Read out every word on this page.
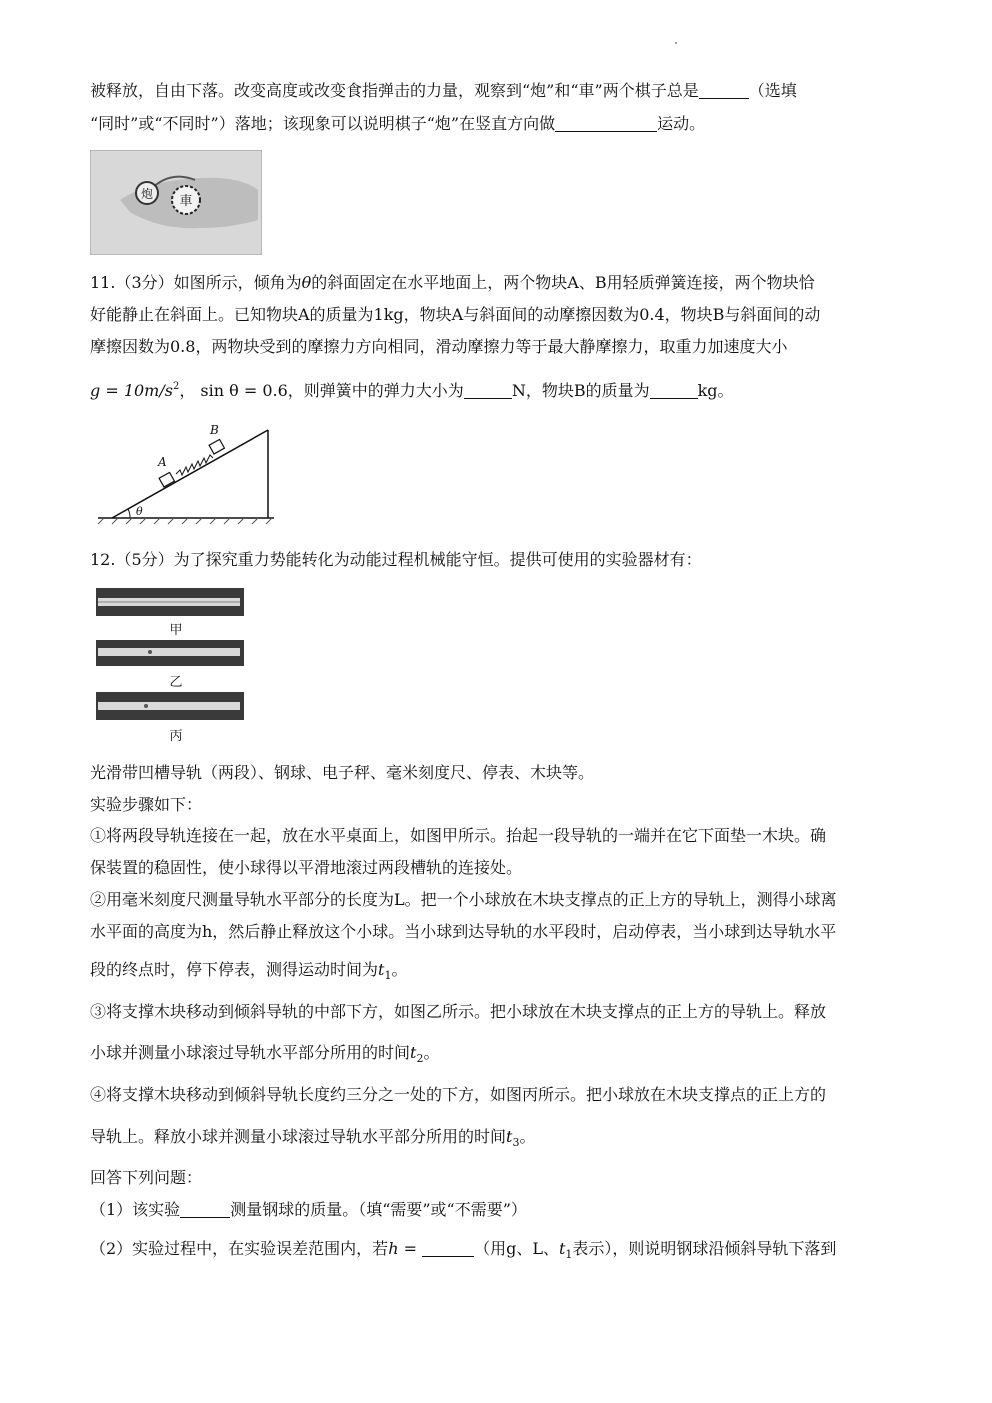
被释放，自由下落。改变高度或改变食指弹击的力量，观察到“炮”和“車”两个棋子总是	（选填
“同时”或“不同时”）落地；该现象可以说明棋子“炮”在竖直方向做	运动。
炮 車
11.（3分）如图所示，倾角为θ的斜面固定在水平地面上，两个物块A、B用轻质弹簧连接，两个物块恰
好能静止在斜面上。已知物块A的质量为1kg，物块A与斜面间的动摩擦因数为0.4，物块B与斜面间的动
摩擦因数为0.8，两物块受到的摩擦力方向相同，滑动摩擦力等于最大静摩擦力，取重力加速度大小
$g = 10m/s^2$， sin θ = 0.6，则弹簧中的弹力大小为	N，物块B的质量为	kg。
θ
A
B
12.（5分）为了探究重力势能转化为动能过程机械能守恒。提供可使用的实验器材有：
甲
乙
丙
光滑带凹槽导轨（两段）、钢球、电子秤、毫米刻度尺、停表、木块等。
实验步骤如下：
①将两段导轨连接在一起，放在水平桌面上，如图甲所示。抬起一段导轨的一端并在它下面垫一木块。确
保装置的稳固性，使小球得以平滑地滚过两段槽轨的连接处。
②用毫米刻度尺测量导轨水平部分的长度为L。把一个小球放在木块支撑点的正上方的导轨上，测得小球离
水平面的高度为h，然后静止释放这个小球。当小球到达导轨的水平段时，启动停表，当小球到达导轨水平
段的终点时，停下停表，测得运动时间为$t_1$。
③将支撑木块移动到倾斜导轨的中部下方，如图乙所示。把小球放在木块支撑点的正上方的导轨上。释放
小球并测量小球滚过导轨水平部分所用的时间$t_2$。
④将支撑木块移动到倾斜导轨长度约三分之一处的下方，如图丙所示。把小球放在木块支撑点的正上方的
导轨上。释放小球并测量小球滚过导轨水平部分所用的时间$t_3$。
回答下列问题：
（1）该实验	测量钢球的质量。（填“需要”或“不需要”）
（2）实验过程中，在实验误差范围内，若h =	（用g、L、$t_1$表示），则说明钢球沿倾斜导轨下落到
